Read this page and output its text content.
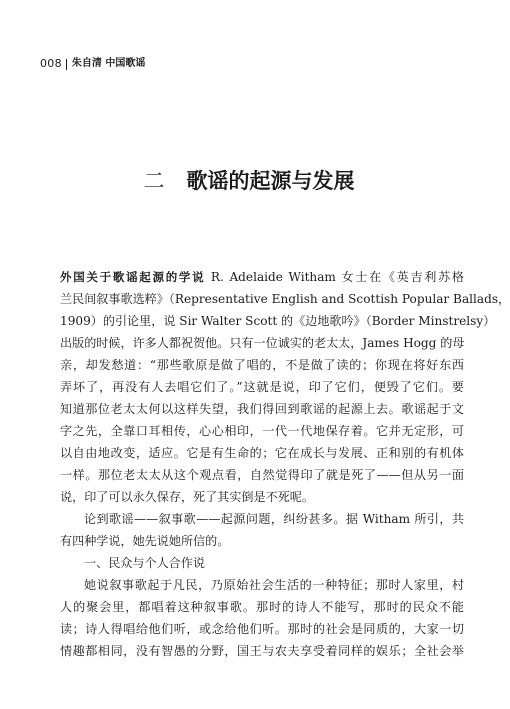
008 朱自清 中国歌谣
二 歌谣的起源与发展
外国关于歌谣起源的学说 R. Adelaide Witham 女士在《英吉利苏格
兰民间叙事歌选粹》（Representative English and Scottish Popular Ballads，
1909）的引论里，说 Sir Walter Scott 的《边地歌吟》（Border Minstrelsy）
出版的时候，许多人都祝贺他。只有一位诚实的老太太，James Hogg 的母
亲，却发愁道：“那些歌原是做了唱的，不是做了读的；你现在将好东西
弄坏了，再没有人去唱它们了。”这就是说，印了它们，便毁了它们。要
知道那位老太太何以这样失望，我们得回到歌谣的起源上去。歌谣起于文
字之先，全靠口耳相传，心心相印，一代一代地保存着。它并无定形，可
以自由地改变，适应。它是有生命的；它在成长与发展、正和别的有机体
一样。那位老太太从这个观点看，自然觉得印了就是死了——但从另一面
说，印了可以永久保存，死了其实倒是不死呢。
论到歌谣——叙事歌——起源问题，纠纷甚多。据 Witham 所引，共
有四种学说，她先说她所信的。
一、民众与个人合作说
她说叙事歌起于凡民，乃原始社会生活的一种特征；那时人家里，村
人的聚会里，都唱着这种叙事歌。那时的诗人不能写，那时的民众不能
读；诗人得唱给他们听，或念给他们听。那时的社会是同质的，大家一切
情趣都相同，没有智愚的分野，国王与农夫享受着同样的娱乐；全社会举
